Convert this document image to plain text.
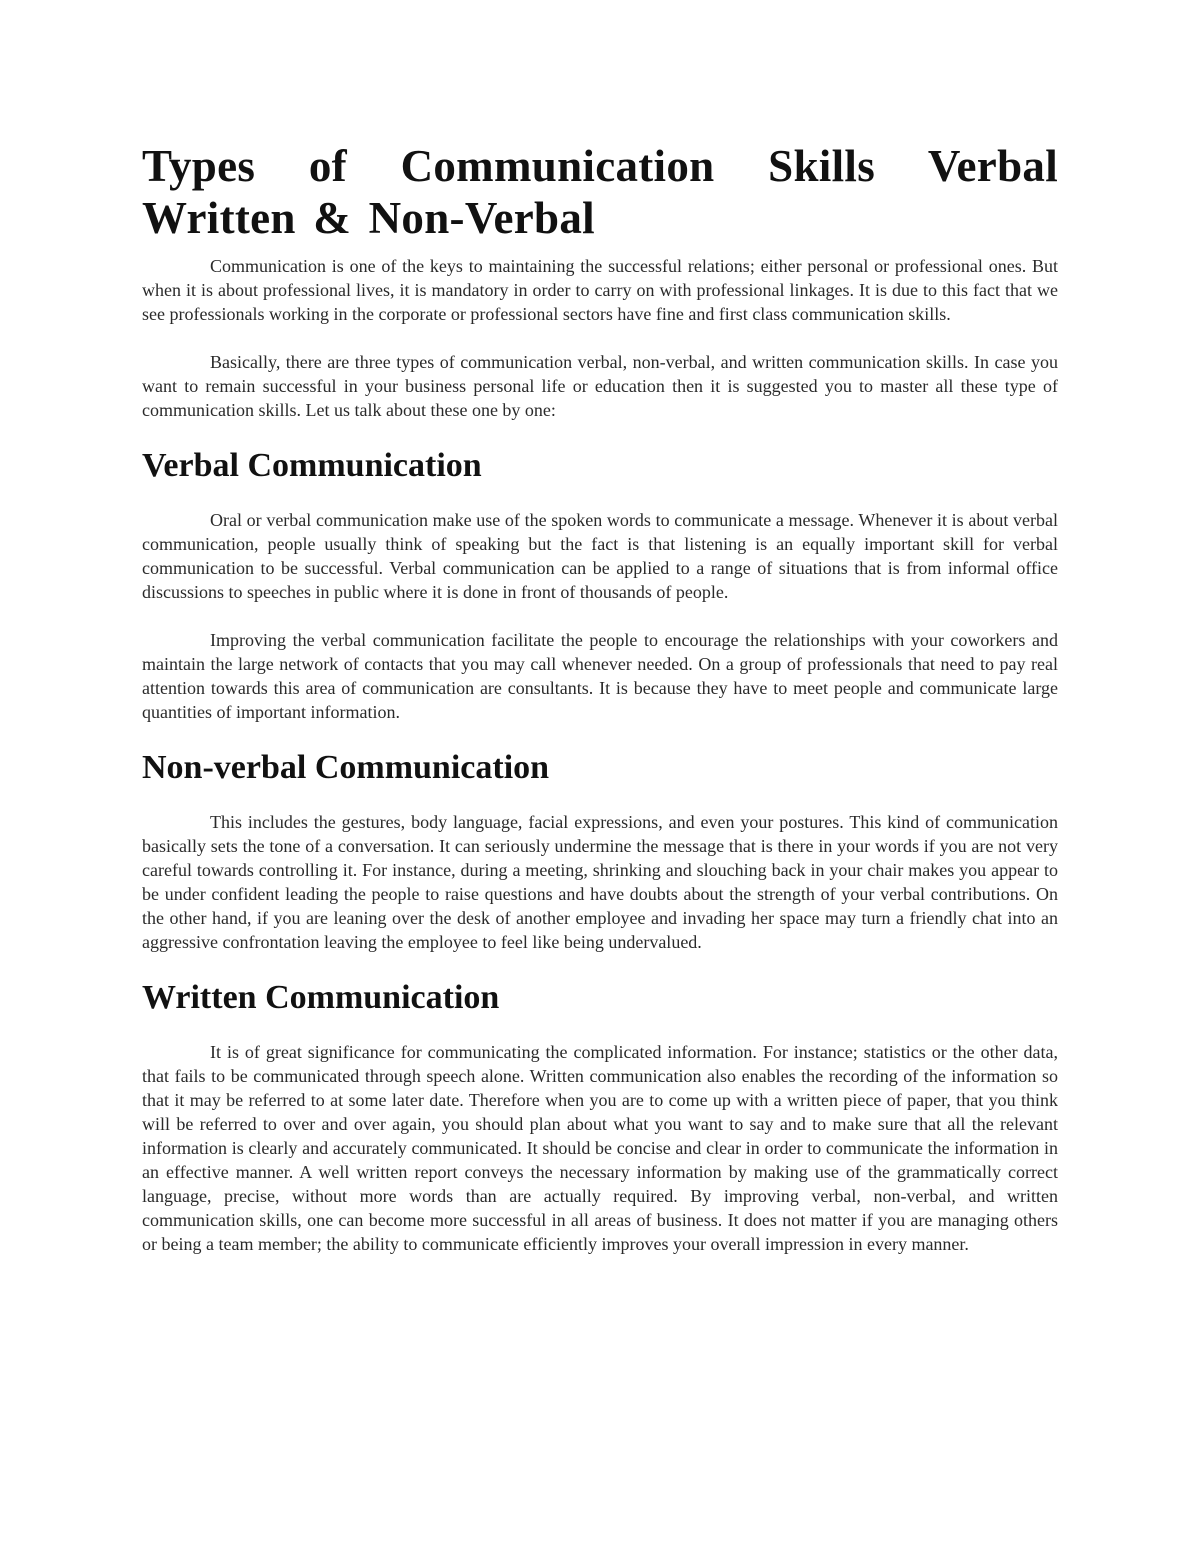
Types of Communication Skills Verbal Written & Non-Verbal

Communication is one of the keys to maintaining the successful relations; either personal or professional ones. But when it is about professional lives, it is mandatory in order to carry on with professional linkages. It is due to this fact that we see professionals working in the corporate or professional sectors have fine and first class communication skills.

Basically, there are three types of communication verbal, non-verbal, and written communication skills. In case you want to remain successful in your business personal life or education then it is suggested you to master all these type of communication skills. Let us talk about these one by one:

Verbal Communication

Oral or verbal communication make use of the spoken words to communicate a message. Whenever it is about verbal communication, people usually think of speaking but the fact is that listening is an equally important skill for verbal communication to be successful. Verbal communication can be applied to a range of situations that is from informal office discussions to speeches in public where it is done in front of thousands of people.

Improving the verbal communication facilitate the people to encourage the relationships with your coworkers and maintain the large network of contacts that you may call whenever needed. On a group of professionals that need to pay real attention towards this area of communication are consultants. It is because they have to meet people and communicate large quantities of important information.

Non-verbal Communication

This includes the gestures, body language, facial expressions, and even your postures. This kind of communication basically sets the tone of a conversation. It can seriously undermine the message that is there in your words if you are not very careful towards controlling it. For instance, during a meeting, shrinking and slouching back in your chair makes you appear to be under confident leading the people to raise questions and have doubts about the strength of your verbal contributions. On the other hand, if you are leaning over the desk of another employee and invading her space may turn a friendly chat into an aggressive confrontation leaving the employee to feel like being undervalued.

Written Communication

It is of great significance for communicating the complicated information. For instance; statistics or the other data, that fails to be communicated through speech alone. Written communication also enables the recording of the information so that it may be referred to at some later date. Therefore when you are to come up with a written piece of paper, that you think will be referred to over and over again, you should plan about what you want to say and to make sure that all the relevant information is clearly and accurately communicated. It should be concise and clear in order to communicate the information in an effective manner. A well written report conveys the necessary information by making use of the grammatically correct language, precise, without more words than are actually required. By improving verbal, non-verbal, and written communication skills, one can become more successful in all areas of business. It does not matter if you are managing others or being a team member; the ability to communicate efficiently improves your overall impression in every manner.
